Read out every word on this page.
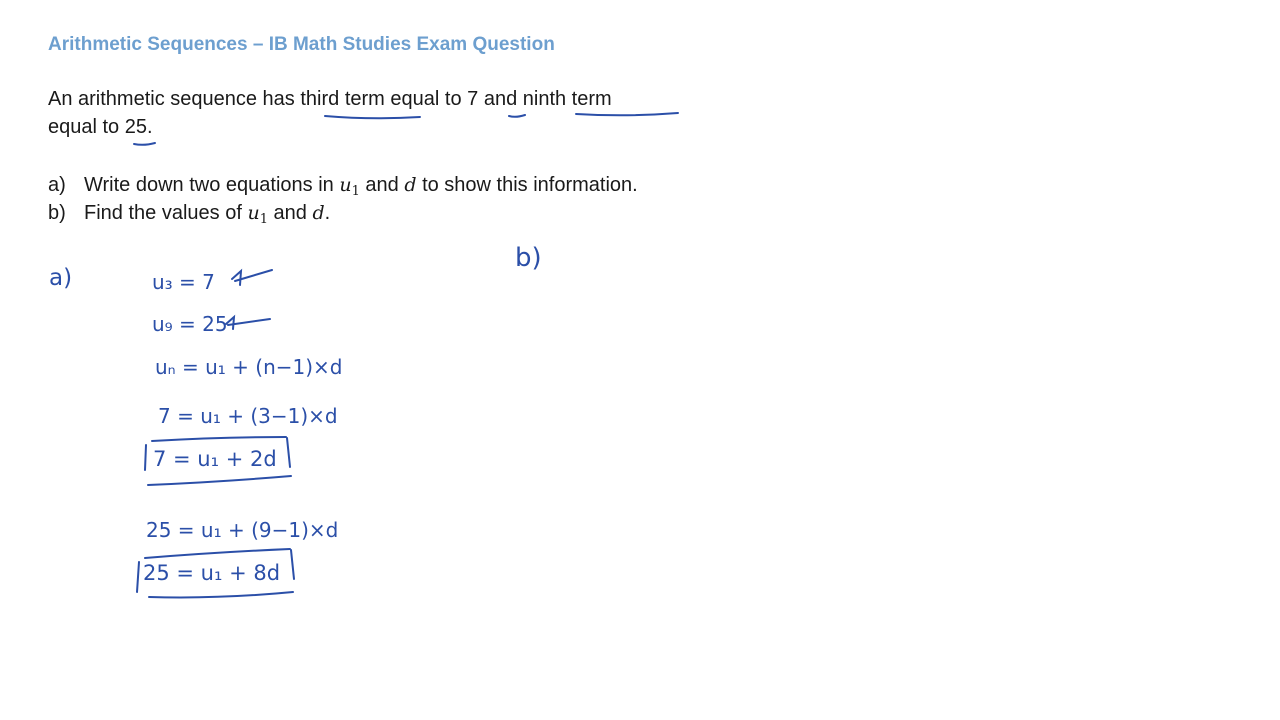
Arithmetic Sequences – IB Math Studies Exam Question
An arithmetic sequence has third term equal to 7 and ninth term
equal to 25.
a) Write down two equations in $u_1$ and d to show this information.
b) Find the values of $u_1$ and d.
a)
b)
u₃ = 7
u₉ = 25
uₙ = u₁ + (n−1)×d
7 = u₁ + (3−1)×d
7 = u₁ + 2d
25 = u₁ + (9−1)×d
25 = u₁ + 8d
